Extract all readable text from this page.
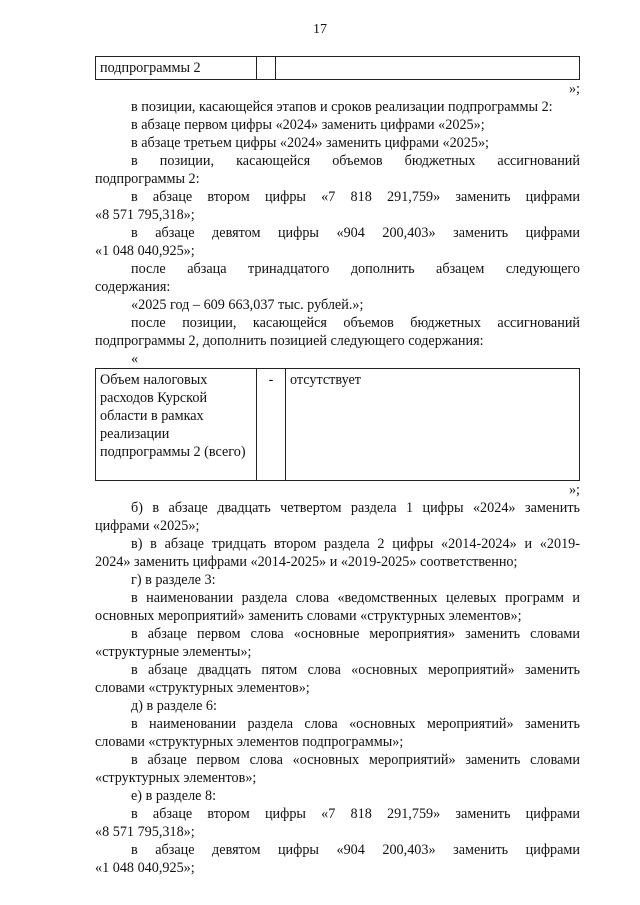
17
подпрограммы 2		
»;

в позиции, касающейся этапов и сроков реализации подпрограммы 2:

в абзаце первом цифры «2024» заменить цифрами «2025»;

в абзаце третьем цифры «2024» заменить цифрами «2025»;

в позиции, касающейся объемов бюджетных ассигнований

подпрограммы 2:

в абзаце втором цифры «7 818 291,759» заменить цифрами

«8 571 795,318»;

в абзаце девятом цифры «904 200,403» заменить цифрами

«1 048 040,925»;

после абзаца тринадцатого дополнить абзацем следующего

содержания:

«2025 год – 609 663,037 тыс. рублей.»;

после позиции, касающейся объемов бюджетных ассигнований

подпрограммы 2, дополнить позицией следующего содержания:

«

Объем налоговых расходов Курской области в рамках реализации подпрограммы 2 (всего)	-	отсутствует
»;

б) в абзаце двадцать четвертом раздела 1 цифры «2024» заменить

цифрами «2025»;

в) в абзаце тридцать втором раздела 2 цифры «2014-2024» и «2019-

2024» заменить цифрами «2014-2025» и «2019-2025» соответственно;

г) в разделе 3:

в наименовании раздела слова «ведомственных целевых программ и

основных мероприятий» заменить словами «структурных элементов»;

в абзаце первом слова «основные мероприятия» заменить словами

«структурные элементы»;

в абзаце двадцать пятом слова «основных мероприятий» заменить

словами «структурных элементов»;

д) в разделе 6:

в наименовании раздела слова «основных мероприятий» заменить

словами «структурных элементов подпрограммы»;

в абзаце первом слова «основных мероприятий» заменить словами

«структурных элементов»;

е) в разделе 8:

в абзаце втором цифры «7 818 291,759» заменить цифрами

«8 571 795,318»;

в абзаце девятом цифры «904 200,403» заменить цифрами

«1 048 040,925»;
